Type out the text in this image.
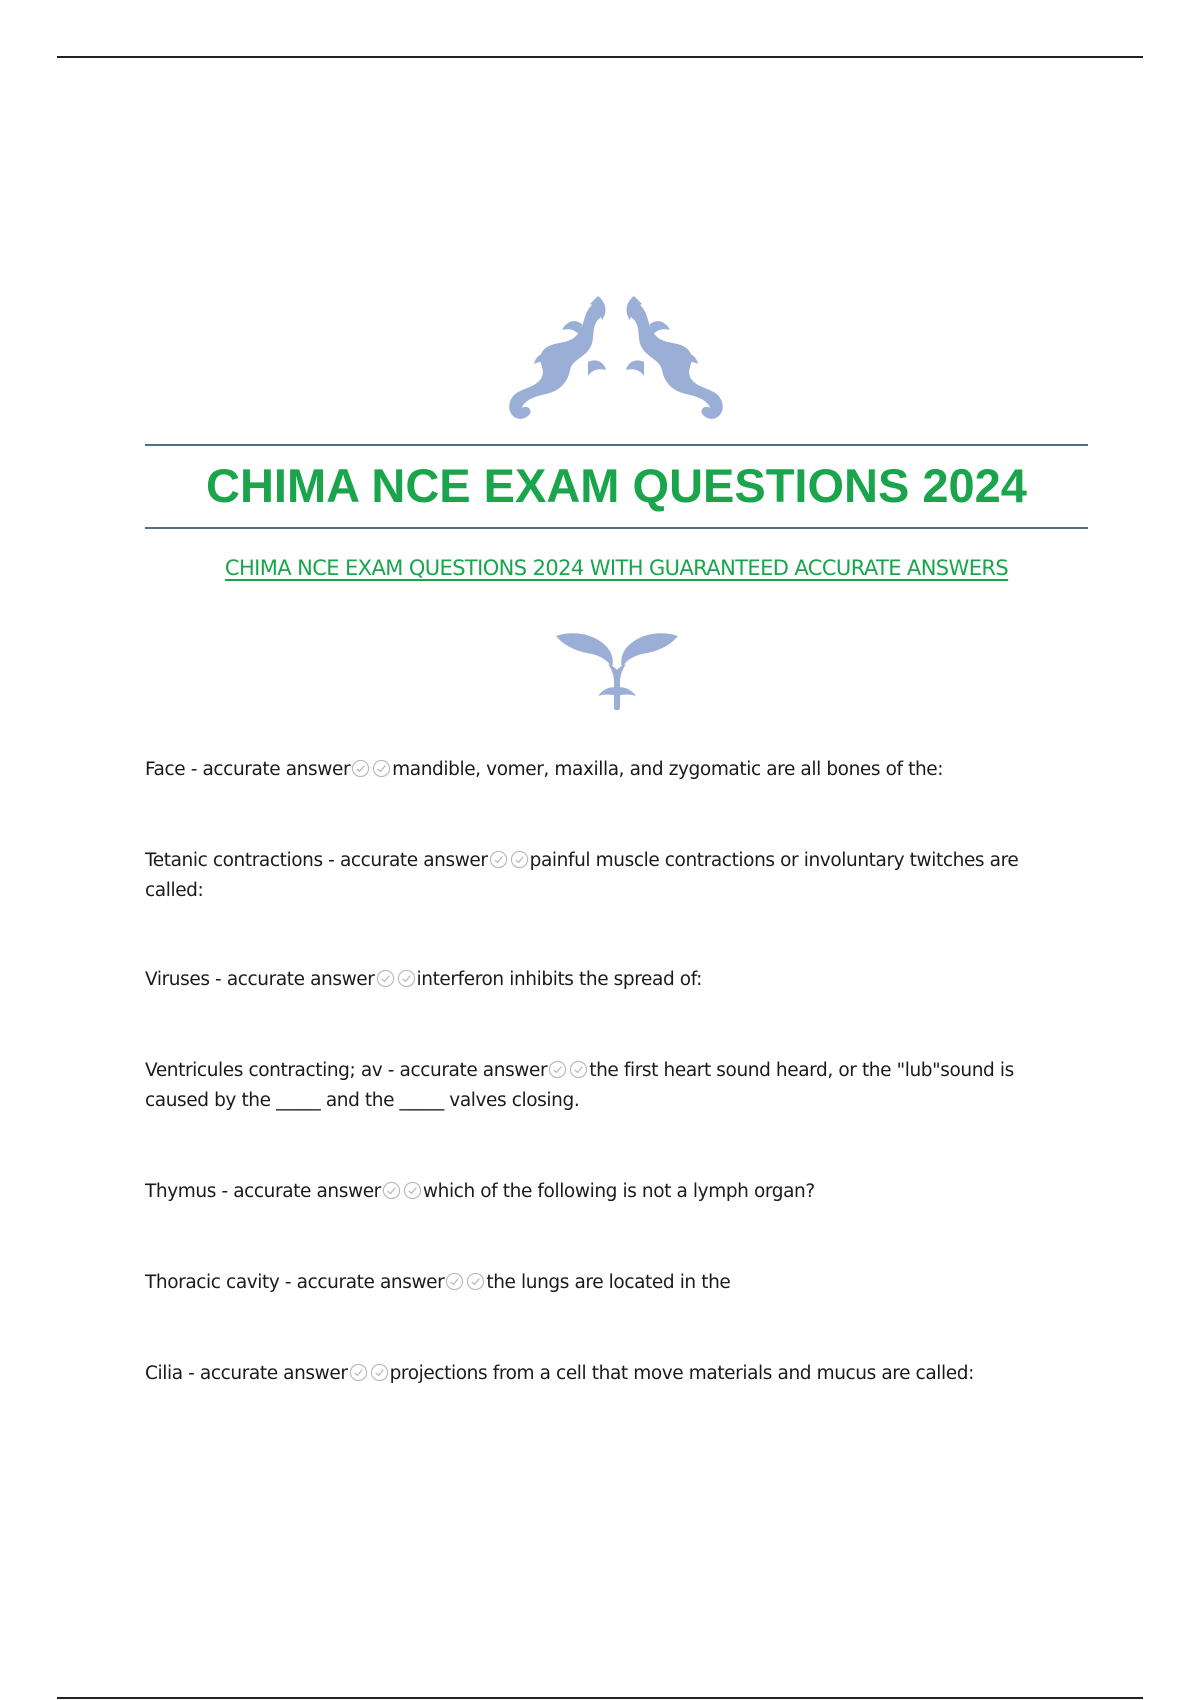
CHIMA NCE EXAM QUESTIONS 2024

CHIMA NCE EXAM QUESTIONS 2024 WITH GUARANTEED ACCURATE ANSWERS

Face - accurate answer mandible, vomer, maxilla, and zygomatic are all bones of the:
Tetanic contractions - accurate answer painful muscle contractions or involuntary twitches are called:
Viruses - accurate answer interferon inhibits the spread of:
Ventricules contracting; av - accurate answer the first heart sound heard, or the "lub"sound is caused by the _____ and the _____ valves closing.
Thymus - accurate answer which of the following is not a lymph organ?
Thoracic cavity - accurate answer the lungs are located in the
Cilia - accurate answer projections from a cell that move materials and mucus are called:
